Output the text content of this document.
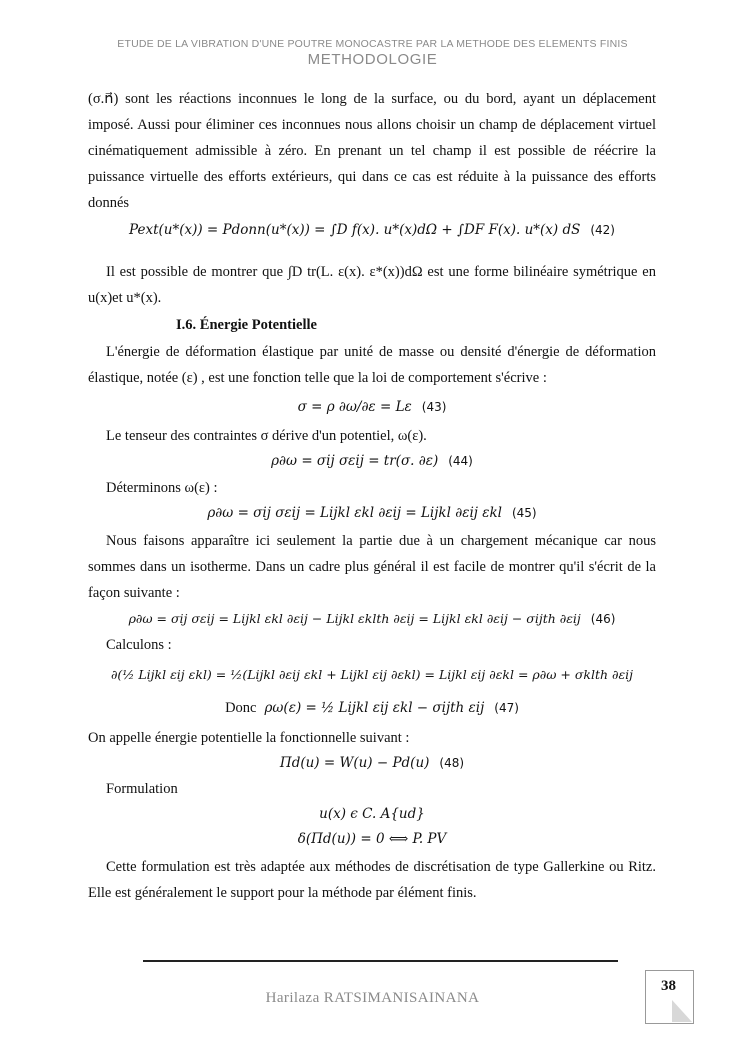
ETUDE DE LA VIBRATION D'UNE POUTRE MONOCASTRE PAR LA METHODE DES ELEMENTS FINIS
METHODOLOGIE

(σ.n⃗) sont les réactions inconnues le long de la surface, ou du bord, ayant un déplacement imposé. Aussi pour éliminer ces inconnues nous allons choisir un champ de déplacement virtuel cinématiquement admissible à zéro. En prenant un tel champ il est possible de réécrire la puissance virtuelle des efforts extérieurs, qui dans ce cas est réduite à la puissance des efforts donnés

Pext(u*(x)) = Pdonn(u*(x)) = ∫D f(x). u*(x)dΩ + ∫DF F(x). u*(x) dS (42)

Il est possible de montrer que ∫D tr(L. ε(x). ε*(x))dΩ est une forme bilinéaire symétrique en u(x)et u*(x).

I.6. Énergie Potentielle

L'énergie de déformation élastique par unité de masse ou densité d'énergie de déformation élastique, notée (ε) , est une fonction telle que la loi de comportement s'écrive :

σ = ρ ∂ω/∂ε = Lε (43)
Le tenseur des contraintes σ dérive d'un potentiel, ω(ε).
ρ∂ω = σij σεij = tr(σ. ∂ε) (44)
Déterminons ω(ε) :
ρ∂ω = σij σεij = Lijkl εkl ∂εij = Lijkl ∂εij εkl (45)

Nous faisons apparaître ici seulement la partie due à un chargement mécanique car nous sommes dans un isotherme. Dans un cadre plus général il est facile de montrer qu'il s'écrit de la façon suivante :

ρ∂ω = σij σεij = Lijkl εkl ∂εij − Lijkl εklth ∂εij = Lijkl εkl ∂εij − σijth ∂εij (46)
Calculons :
∂(½ Lijkl εij εkl) = ½(Lijkl ∂εij εkl + Lijkl εij ∂εkl) = Lijkl εij ∂εkl = ρ∂ω + σklth ∂εij
Donc ρω(ε) = ½ Lijkl εij εkl − σijth εij (47)
On appelle énergie potentielle la fonctionnelle suivant :
Πd(u) = W(u) − Pd(u) (48)
Formulation
u(x) ϵ C. A{ud}
δ(Πd(u)) = 0 ⟺ P. PV

Cette formulation est très adaptée aux méthodes de discrétisation de type Gallerkine ou Ritz. Elle est généralement le support pour la méthode par élément finis.

Harilaza RATSIMANISAINANA
38
